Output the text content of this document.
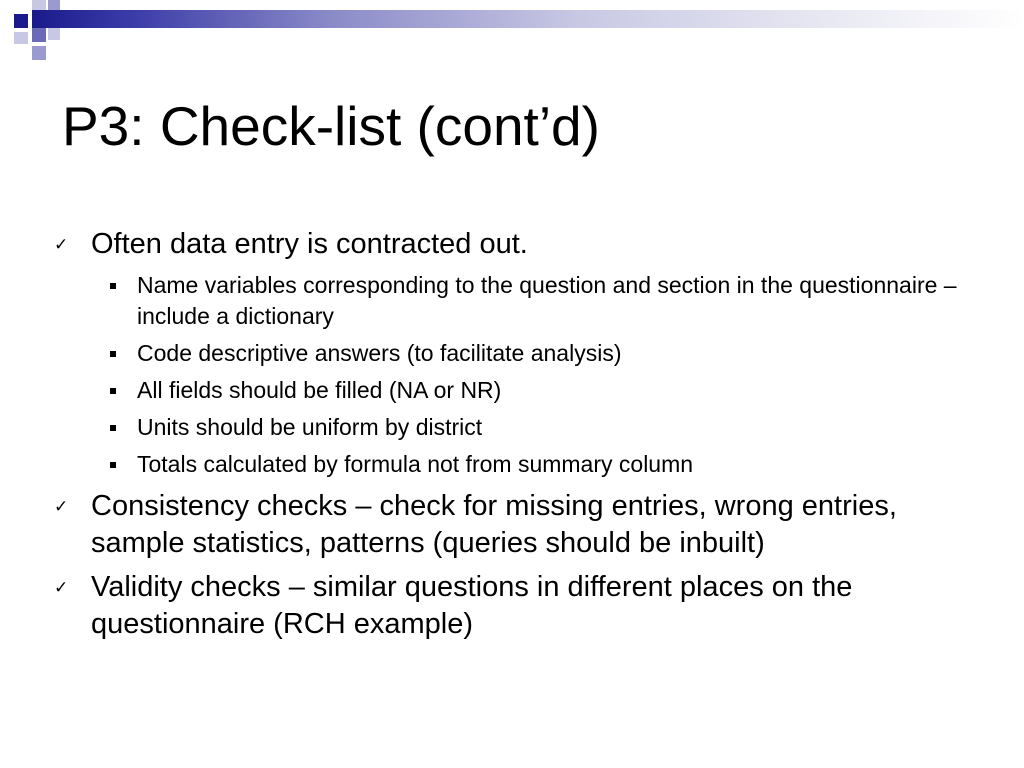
P3: Check-list (cont’d)
✓ Often data entry is contracted out.
Name variables corresponding to the question and section in the questionnaire – include a dictionary
Code descriptive answers (to facilitate analysis)
All fields should be filled (NA or NR)
Units should be uniform by district
Totals calculated by formula not from summary column
✓ Consistency checks – check for missing entries, wrong entries, sample statistics, patterns (queries should be inbuilt)
✓ Validity checks – similar questions in different places on the questionnaire (RCH example)
